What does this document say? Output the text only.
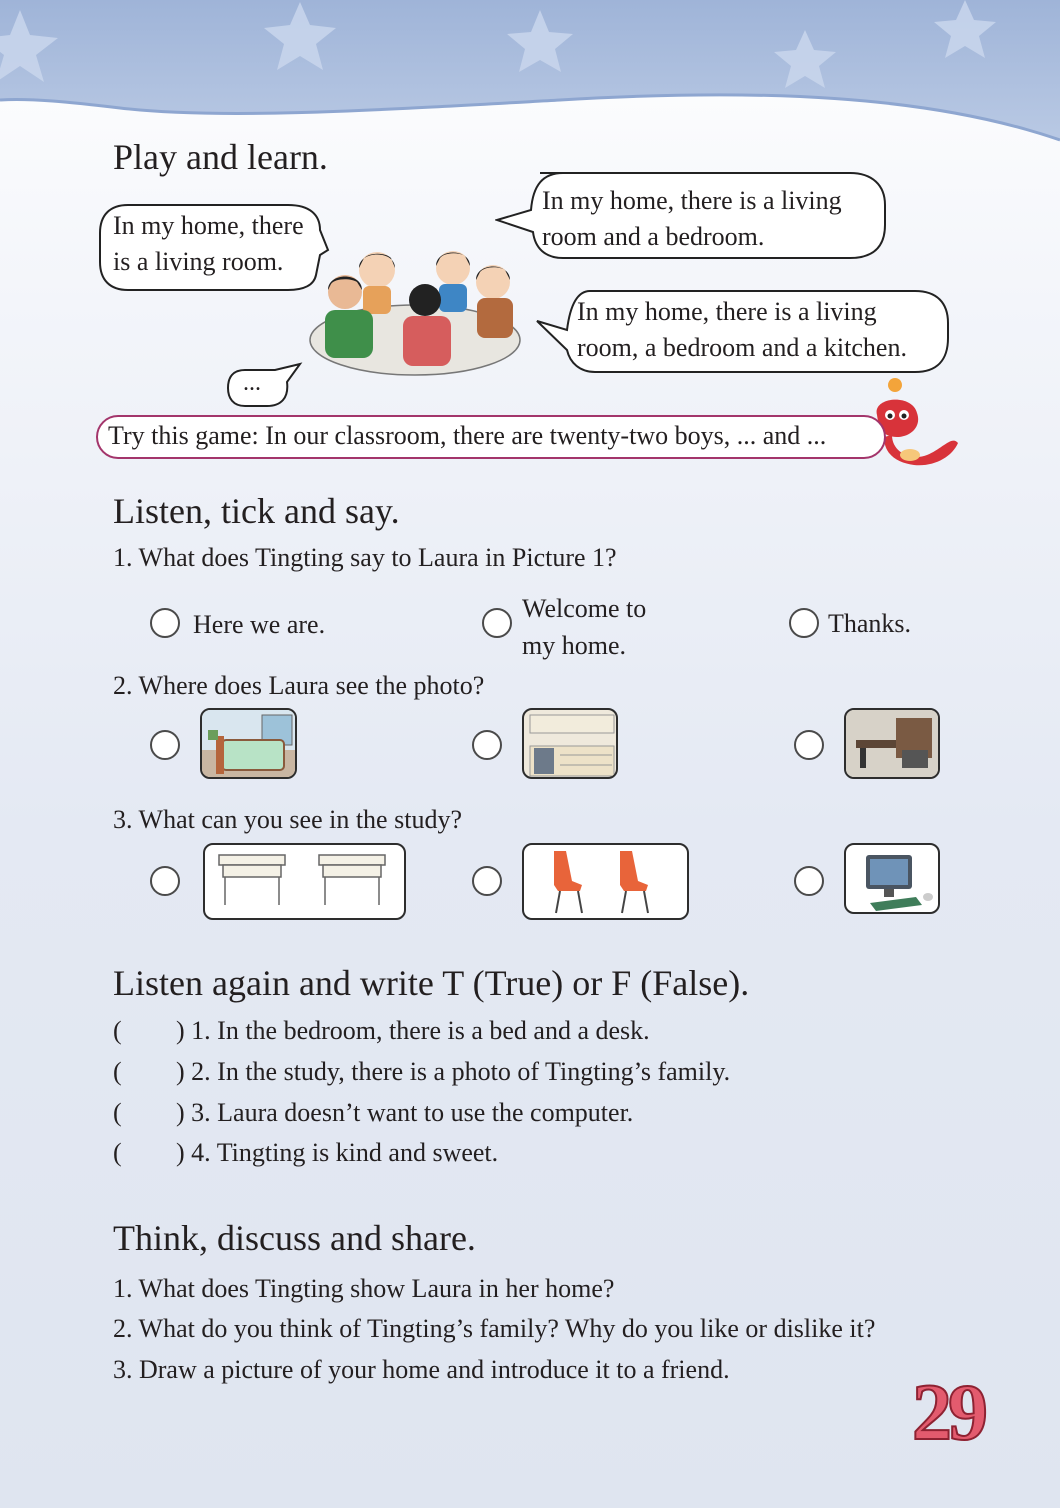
Play and learn.
In my home, there
is a living room.
In my home, there is a living
room and a bedroom.
In my home, there is a living
room, a bedroom and a kitchen.
...
Try this game: In our classroom, there are twenty-two boys, ... and ...
Listen, tick and say.
1. What does Tingting say to Laura in Picture 1?
Here we are.
Welcome to
my home.
Thanks.
2. Where does Laura see the photo?
3. What can you see in the study?
Listen again and write T (True) or F (False).
( ) 1. In the bedroom, there is a bed and a desk.
( ) 2. In the study, there is a photo of Tingting’s family.
( ) 3. Laura doesn’t want to use the computer.
( ) 4. Tingting is kind and sweet.
Think, discuss and share.
1. What does Tingting show Laura in her home?
2. What do you think of Tingting’s family? Why do you like or dislike it?
3. Draw a picture of your home and introduce it to a friend. 29
